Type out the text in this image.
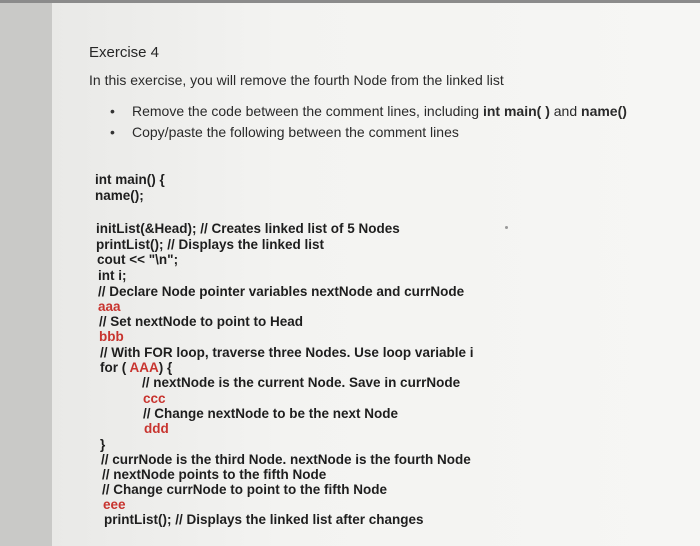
Exercise 4
In this exercise, you will remove the fourth Node from the linked list
• Remove the code between the comment lines, including int main( ) and name()
• Copy/paste the following between the comment lines
int main() {
name();
initList(&Head); // Creates linked list of 5 Nodes
printList(); // Displays the linked list
cout << "\n";
int i;
// Declare Node pointer variables nextNode and currNode
aaa
// Set nextNode to point to Head
bbb
// With FOR loop, traverse three Nodes. Use loop variable i
for ( AAA) {
// nextNode is the current Node. Save in currNode
ccc
// Change nextNode to be the next Node
ddd
}
// currNode is the third Node. nextNode is the fourth Node
// nextNode points to the fifth Node
// Change currNode to point to the fifth Node
eee
printList(); // Displays the linked list after changes
